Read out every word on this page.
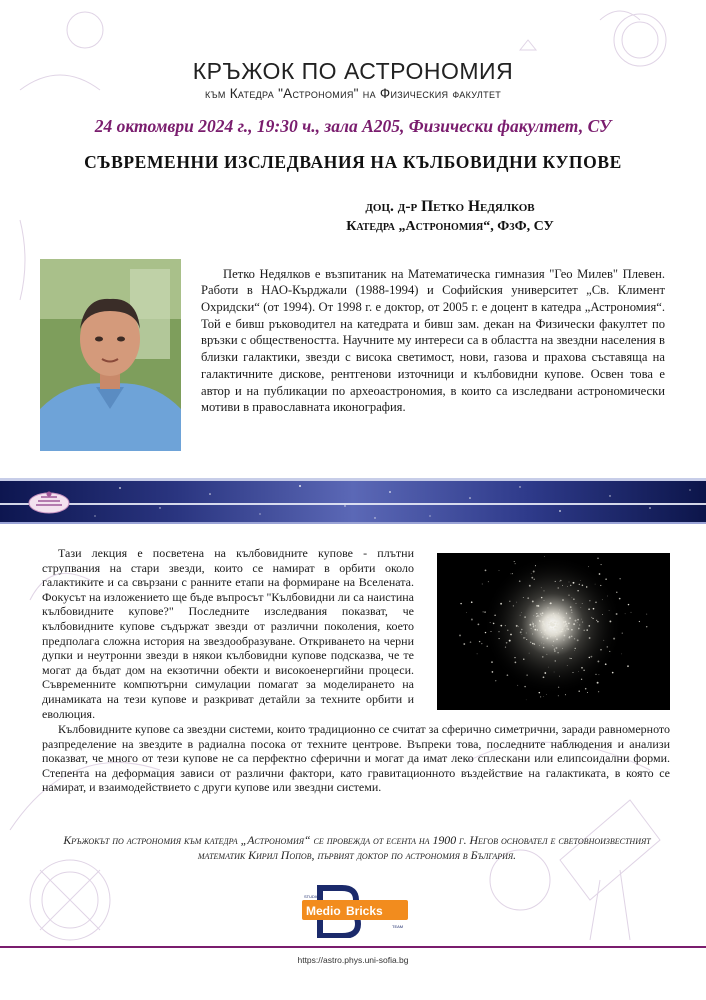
КРЪЖОК ПО АСТРОНОМИЯ
към Катедра "Астрономия" на Физическия факултет
24 октомври 2024 г., 19:30 ч., зала А205, Физически факултет, СУ
СЪВРЕМЕННИ ИЗСЛЕДВАНИЯ НА КЪЛБОВИДНИ КУПОВЕ
доц. д-р Петко Недялков
Катедра „Астрономия“, ФзФ, СУ

Петко Недялков е възпитаник на Математическа гимназия "Гео Милев" Плевен. Работи в НАО-Кърджали (1988-1994) и Софийския университет „Св. Климент Охридски“ (от 1994). От 1998 г. е доктор, от 2005 г. е доцент в катедра „Астрономия“. Той е бивш ръководител на катедрата и бивш зам. декан на Физически факултет по връзки с обществеността. Научните му интереси са в областта на звездни населения в близки галактики, звезди с висока светимост, нови, газова и прахова съставяща на галактичните дискове, рентгенови източници и кълбовидни купове. Освен това е автор и на публикации по археоастрономия, в които са изследвани астрономически мотиви в православната иконография.

Тази лекция е посветена на кълбовидните купове - плътни струпвания на стари звезди, които се намират в орбити около галактиките и са свързани с ранните етапи на формиране на Вселената. Фокусът на изложението ще бъде въпросът "Кълбовидни ли са наистина кълбовидните купове?" Последните изследвания показват, че кълбовидните купове съдържат звезди от различни поколения, което предполага сложна история на звездообразуване. Откриването на черни дупки и неутронни звезди в някои кълбовидни купове подсказва, че те могат да бъдат дом на екзотични обекти и високоенергийни процеси. Съвременните компютърни симулации помагат за моделирането на динамиката на тези купове и разкриват детайли за техните орбити и еволюция.

Кълбовидните купове са звездни системи, които традиционно се считат за сферично симетрични, заради равномерното разпределение на звездите в радиална посока от техните центрове. Въпреки това, последните наблюдения и анализи показват, че много от тези купове не са перфектно сферични и могат да имат леко сплескани или елипсоидални форми. Степента на деформация зависи от различни фактори, като гравитационното въздействие на галактиката, в която се намират, и взаимодействието с други купове или звездни системи.

Кръжокът по астрономия към катедра „Астрономия“ се провежда от есента на 1900 г. Негов основател е световноизвестният математик Кирил Попов, първият доктор по астрономия в България.
STUDIO
Medio Bricks
TEAM
https://astro.phys.uni-sofia.bg
